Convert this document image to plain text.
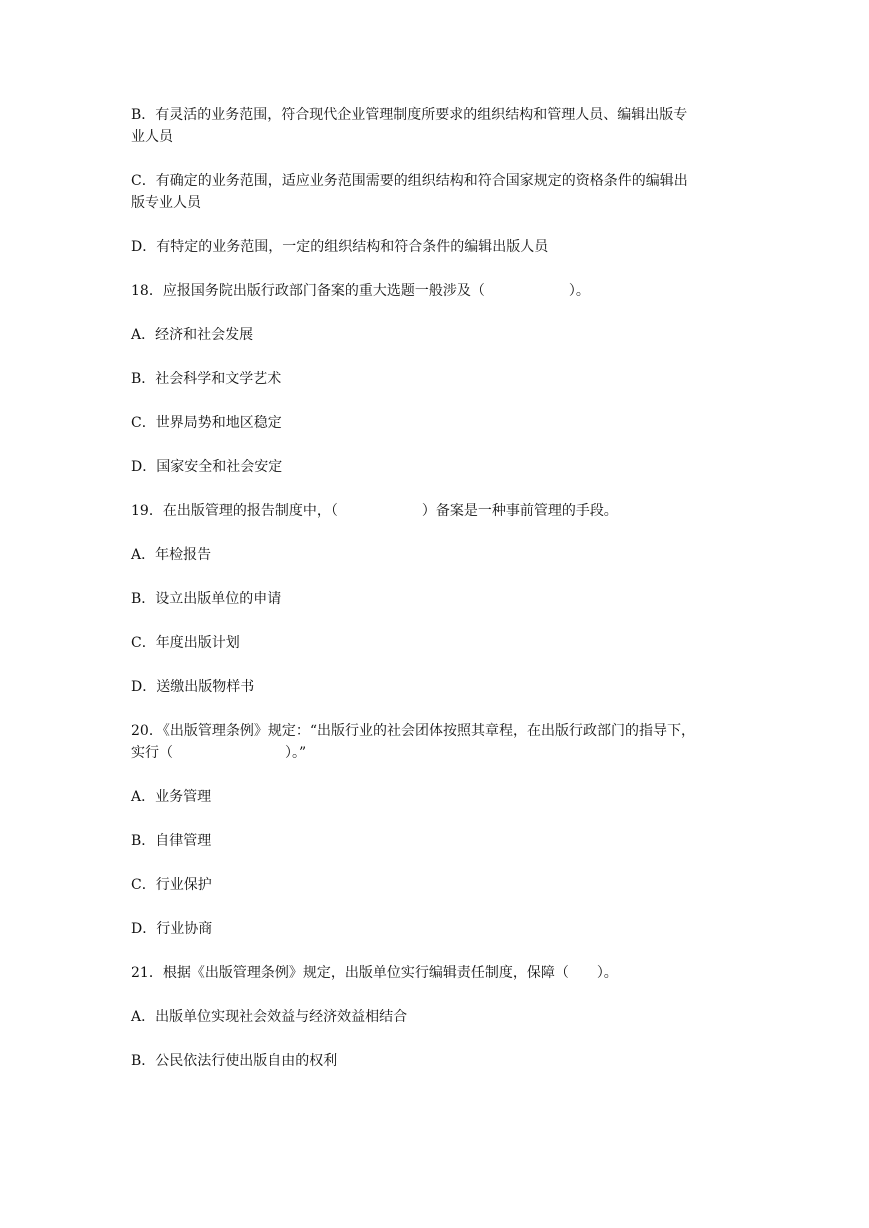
B．有灵活的业务范围，符合现代企业管理制度所要求的组织结构和管理人员、编辑出版专
业人员
C．有确定的业务范围，适应业务范围需要的组织结构和符合国家规定的资格条件的编辑出
版专业人员
D．有特定的业务范围，一定的组织结构和符合条件的编辑出版人员
18．应报国务院出版行政部门备案的重大选题一般涉及（　　　　　　）。
A．经济和社会发展
B．社会科学和文学艺术
C．世界局势和地区稳定
D．国家安全和社会安定
19．在出版管理的报告制度中，（　　　　　　）备案是一种事前管理的手段。
A．年检报告
B．设立出版单位的申请
C．年度出版计划
D．送缴出版物样书
20．《出版管理条例》规定：“出版行业的社会团体按照其章程，在出版行政部门的指导下，
实行（　　　　　　　　）。”
A．业务管理
B．自律管理
C．行业保护
D．行业协商
21．根据《出版管理条例》规定，出版单位实行编辑责任制度，保障（　　）。
A．出版单位实现社会效益与经济效益相结合
B．公民依法行使出版自由的权利
